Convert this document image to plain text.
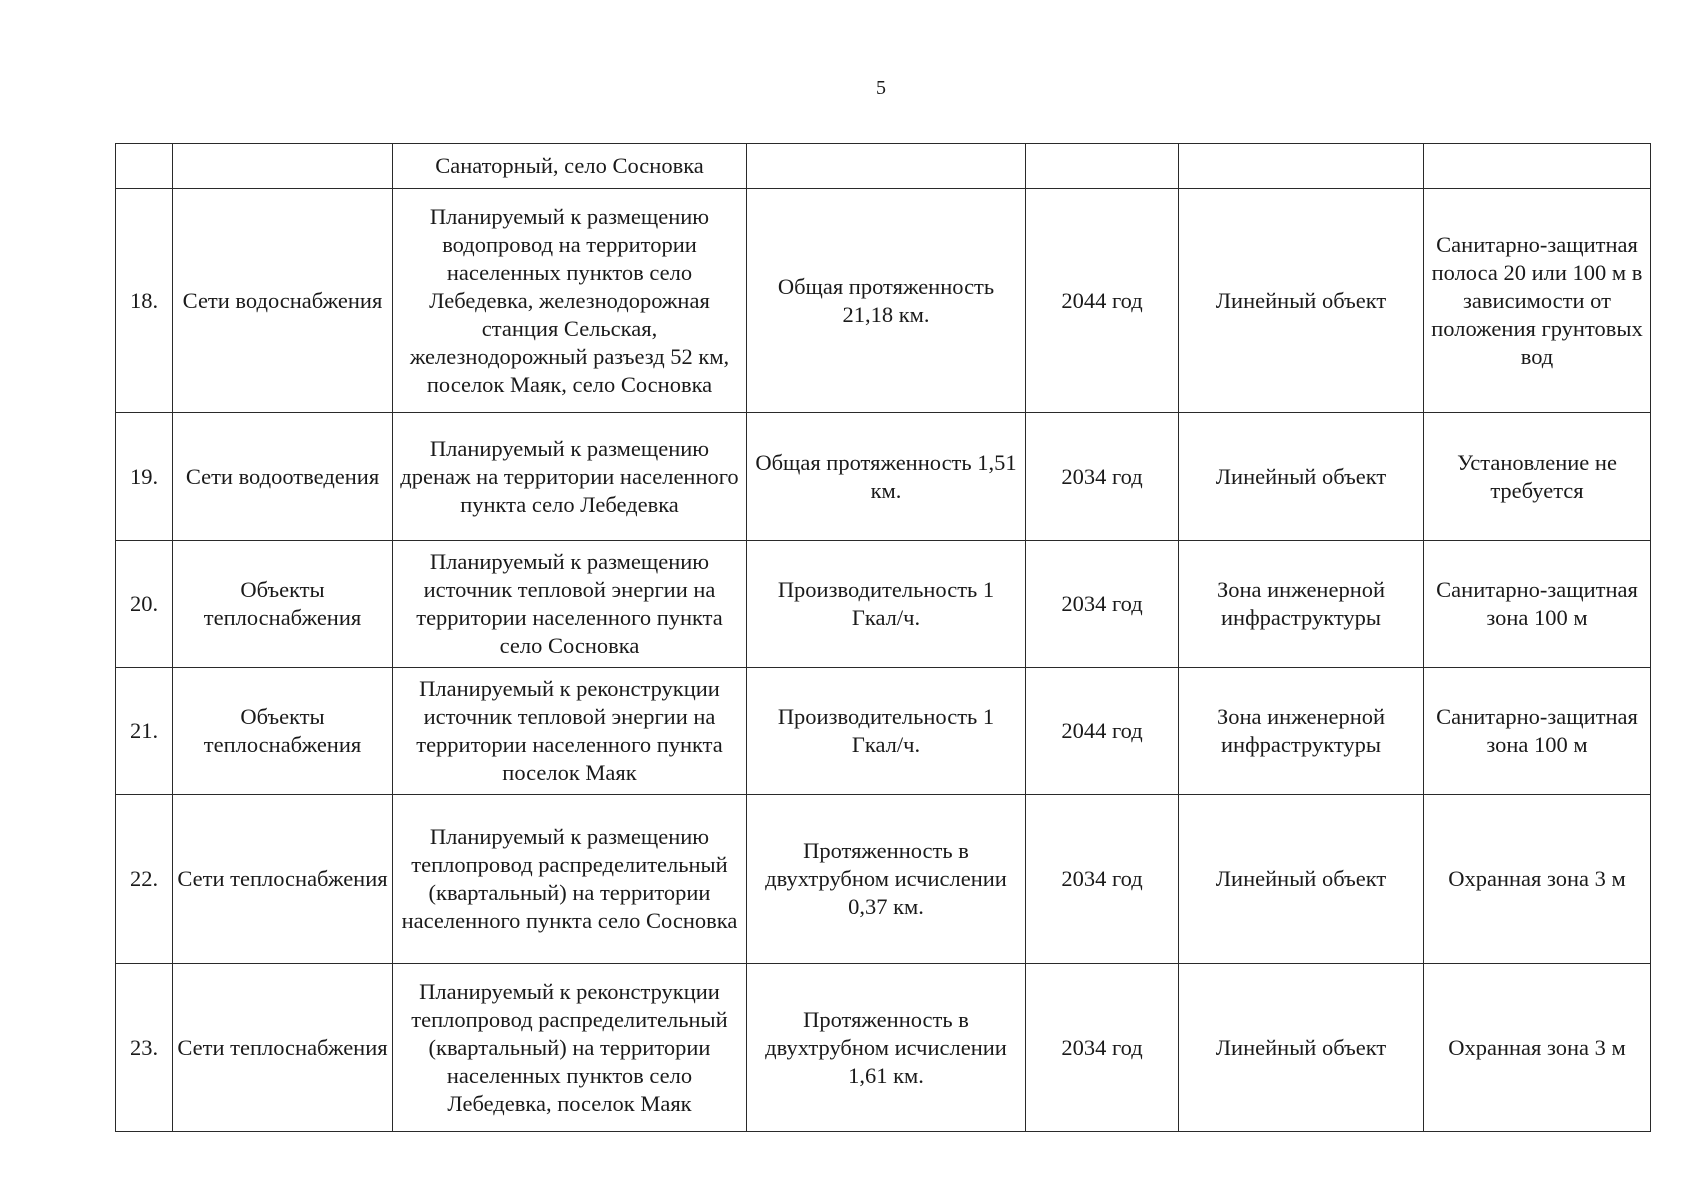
5
		Санаторный, село Сосновка				
18.	Сети водоснабжения	Планируемый к размещению водопровод на территории населенных пунктов село Лебедевка, железнодорожная станция Сельская, железнодорожный разъезд 52 км, поселок Маяк, село Сосновка	Общая протяженность 21,18 км.	2044 год	Линейный объект	Санитарно-защитная полоса 20 или 100 м в зависимости от положения грунтовых вод
19.	Сети водоотведения	Планируемый к размещению дренаж на территории населенного пункта село Лебедевка	Общая протяженность 1,51 км.	2034 год	Линейный объект	Установление не требуется
20.	Объекты теплоснабжения	Планируемый к размещению источник тепловой энергии на территории населенного пункта село Сосновка	Производительность 1 Гкал/ч.	2034 год	Зона инженерной инфраструктуры	Санитарно-защитная зона 100 м
21.	Объекты теплоснабжения	Планируемый к реконструкции источник тепловой энергии на территории населенного пункта поселок Маяк	Производительность 1 Гкал/ч.	2044 год	Зона инженерной инфраструктуры	Санитарно-защитная зона 100 м
22.	Сети теплоснабжения	Планируемый к размещению теплопровод распределительный (квартальный) на территории населенного пункта село Сосновка	Протяженность в двухтрубном исчислении 0,37 км.	2034 год	Линейный объект	Охранная зона 3 м
23.	Сети теплоснабжения	Планируемый к реконструкции теплопровод распределительный (квартальный) на территории населенных пунктов село Лебедевка, поселок Маяк	Протяженность в двухтрубном исчислении 1,61 км.	2034 год	Линейный объект	Охранная зона 3 м
